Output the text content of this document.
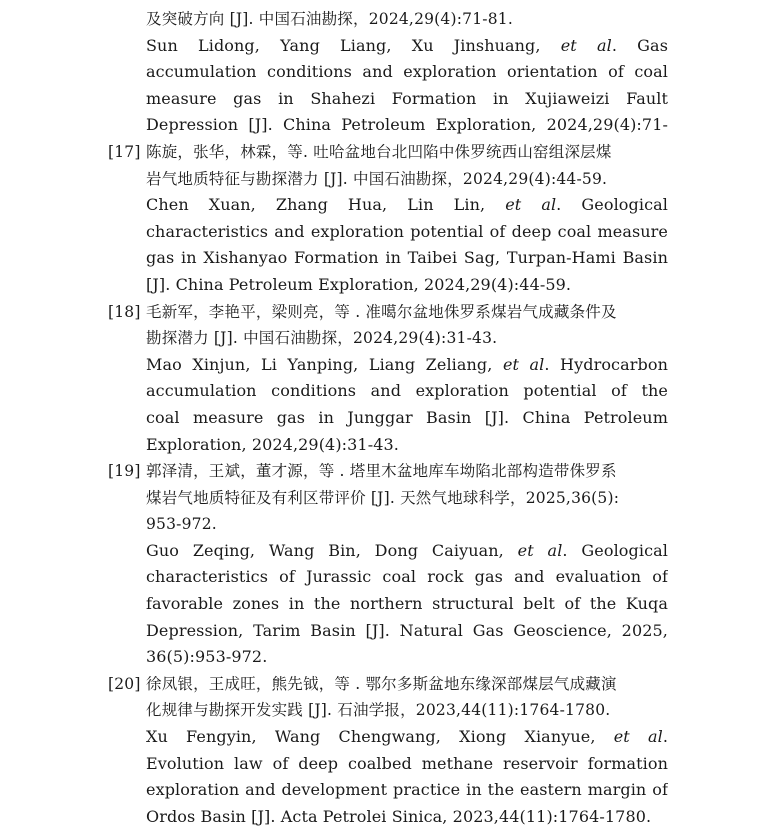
及突破方向 [J]. 中国石油勘探，2024,29(4):71-81.
Sun Lidong, Yang Liang, Xu Jinshuang, et al. Gas
accumulation conditions and exploration orientation of coal
measure gas in Shahezi Formation in Xujiaweizi Fault
Depression [J]. China Petroleum Exploration, 2024,29(4):71-
[17] 陈旋，张华，林霖，等. 吐哈盆地台北凹陷中侏罗统西山窑组深层煤
岩气地质特征与勘探潜力 [J]. 中国石油勘探，2024,29(4):44-59.
Chen Xuan, Zhang Hua, Lin Lin, et al. Geological
characteristics and exploration potential of deep coal measure
gas in Xishanyao Formation in Taibei Sag, Turpan-Hami Basin
[J]. China Petroleum Exploration, 2024,29(4):44-59.
[18] 毛新军，李艳平，梁则亮，等 . 准噶尔盆地侏罗系煤岩气成藏条件及
勘探潜力 [J]. 中国石油勘探，2024,29(4):31-43.
Mao Xinjun, Li Yanping, Liang Zeliang, et al. Hydrocarbon
accumulation conditions and exploration potential of the
coal measure gas in Junggar Basin [J]. China Petroleum
Exploration, 2024,29(4):31-43.
[19] 郭泽清，王斌，董才源，等 . 塔里木盆地库车坳陷北部构造带侏罗系
煤岩气地质特征及有利区带评价 [J]. 天然气地球科学，2025,36(5):
953-972.
Guo Zeqing, Wang Bin, Dong Caiyuan, et al. Geological
characteristics of Jurassic coal rock gas and evaluation of
favorable zones in the northern structural belt of the Kuqa
Depression, Tarim Basin [J]. Natural Gas Geoscience, 2025,
36(5):953-972.
[20] 徐凤银，王成旺，熊先钺，等 . 鄂尔多斯盆地东缘深部煤层气成藏演
化规律与勘探开发实践 [J]. 石油学报，2023,44(11):1764-1780.
Xu Fengyin, Wang Chengwang, Xiong Xianyue, et al.
Evolution law of deep coalbed methane reservoir formation
exploration and development practice in the eastern margin of
Ordos Basin [J]. Acta Petrolei Sinica, 2023,44(11):1764-1780.
